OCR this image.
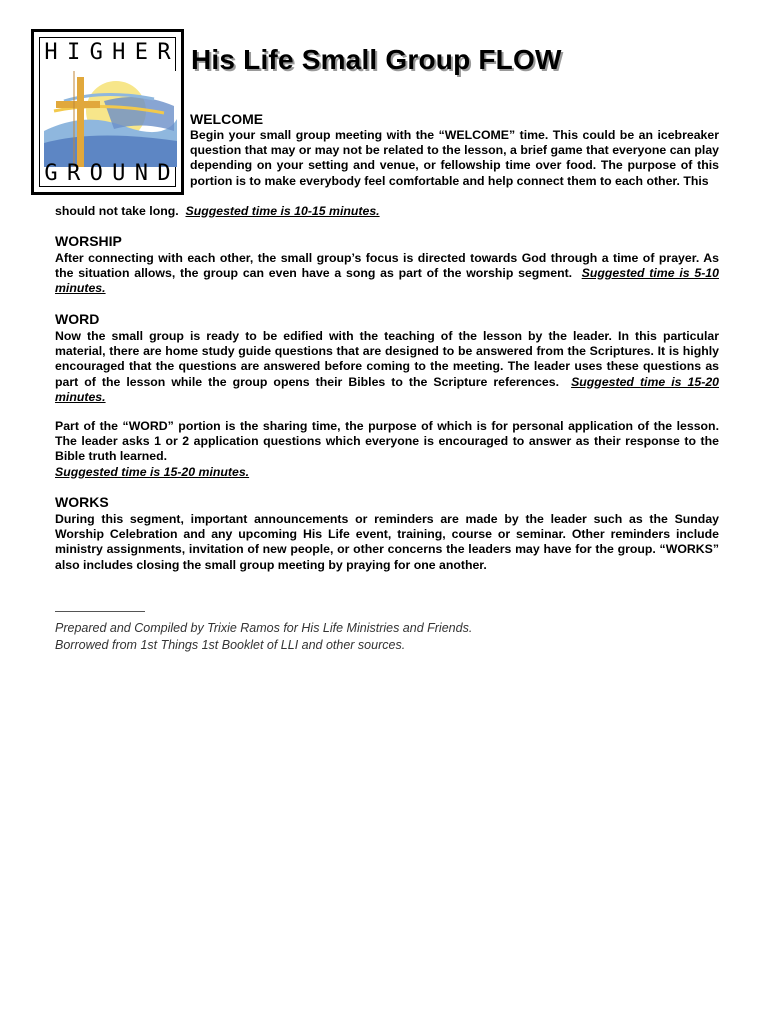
H I G H E R
G R O U N D
His Life Small Group FLOW
WELCOME

Begin your small group meeting with the “WELCOME” time. This could be an icebreaker question that may or may not be related to the lesson, a brief game that everyone can play depending on your setting and venue, or fellowship time over food. The purpose of this portion is to make everybody feel comfortable and help connect them to each other. This

should not take long. Suggested time is 10-15 minutes.

WORSHIP

After connecting with each other, the small group’s focus is directed towards God through a time of prayer. As the situation allows, the group can even have a song as part of the worship segment. Suggested time is 5-10 minutes.

WORD

Now the small group is ready to be edified with the teaching of the lesson by the leader. In this particular material, there are home study guide questions that are designed to be answered from the Scriptures. It is highly encouraged that the questions are answered before coming to the meeting. The leader uses these questions as part of the lesson while the group opens their Bibles to the Scripture references. Suggested time is 15-20 minutes.

Part of the “WORD” portion is the sharing time, the purpose of which is for personal application of the lesson. The leader asks 1 or 2 application questions which everyone is encouraged to answer as their response to the Bible truth learned.
Suggested time is 15-20 minutes.

WORKS

During this segment, important announcements or reminders are made by the leader such as the Sunday Worship Celebration and any upcoming His Life event, training, course or seminar. Other reminders include ministry assignments, invitation of new people, or other concerns the leaders may have for the group. “WORKS” also includes closing the small group meeting by praying for one another.

Prepared and Compiled by Trixie Ramos for His Life Ministries and Friends.

Borrowed from 1st Things 1st Booklet of LLI and other sources.
